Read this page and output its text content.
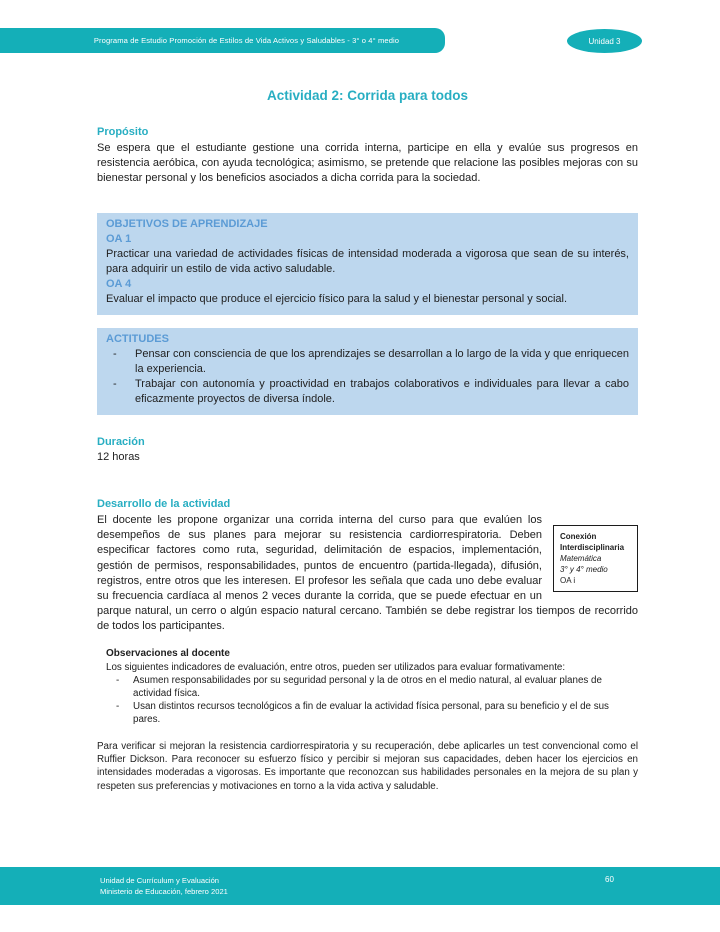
Programa de Estudio Promoción de Estilos de Vida Activos y Saludables - 3° o 4° medio	Unidad 3
Actividad 2: Corrida para todos
Propósito

Se espera que el estudiante gestione una corrida interna, participe en ella y evalúe sus progresos en resistencia aeróbica, con ayuda tecnológica; asimismo, se pretende que relacione las posibles mejoras con su bienestar personal y los beneficios asociados a dicha corrida para la sociedad.

OBJETIVOS DE APRENDIZAJE

OA 1

Practicar una variedad de actividades físicas de intensidad moderada a vigorosa que sean de su interés, para adquirir un estilo de vida activo saludable.

OA 4

Evaluar el impacto que produce el ejercicio físico para la salud y el bienestar personal y social.

ACTITUDES

- Pensar con consciencia de que los aprendizajes se desarrollan a lo largo de la vida y que enriquecen la experiencia.
- Trabajar con autonomía y proactividad en trabajos colaborativos e individuales para llevar a cabo eficazmente proyectos de diversa índole.
Duración

12 horas

Desarrollo de la actividad
Conexión Interdisciplinaria
Matemática
3° y 4° medio
OA i

El docente les propone organizar una corrida interna del curso para que evalúen los desempeños de sus planes para mejorar su resistencia cardiorrespiratoria. Deben especificar factores como ruta, seguridad, delimitación de espacios, implementación, gestión de permisos, responsabilidades, puntos de encuentro (partida-llegada), difusión, registros, entre otros que les interesen. El profesor les señala que cada uno debe evaluar su frecuencia cardíaca al menos 2 veces durante la corrida, que se puede efectuar en un parque natural, un cerro o algún espacio natural cercano. También se debe registrar los tiempos de recorrido de todos los participantes.

Observaciones al docente

Los siguientes indicadores de evaluación, entre otros, pueden ser utilizados para evaluar formativamente:

- Asumen responsabilidades por su seguridad personal y la de otros en el medio natural, al evaluar planes de actividad física.
- Usan distintos recursos tecnológicos a fin de evaluar la actividad física personal, para su beneficio y el de sus pares.

Para verificar si mejoran la resistencia cardiorrespiratoria y su recuperación, debe aplicarles un test convencional como el Ruffier Dickson. Para reconocer su esfuerzo físico y percibir si mejoran sus capacidades, deben hacer los ejercicios en intensidades moderadas a vigorosas. Es importante que reconozcan sus habilidades personales en la mejora de su plan y respeten sus preferencias y motivaciones en torno a la vida activa y saludable.

Unidad de Currículum y Evaluación
Ministerio de Educación, febrero 2021
60
